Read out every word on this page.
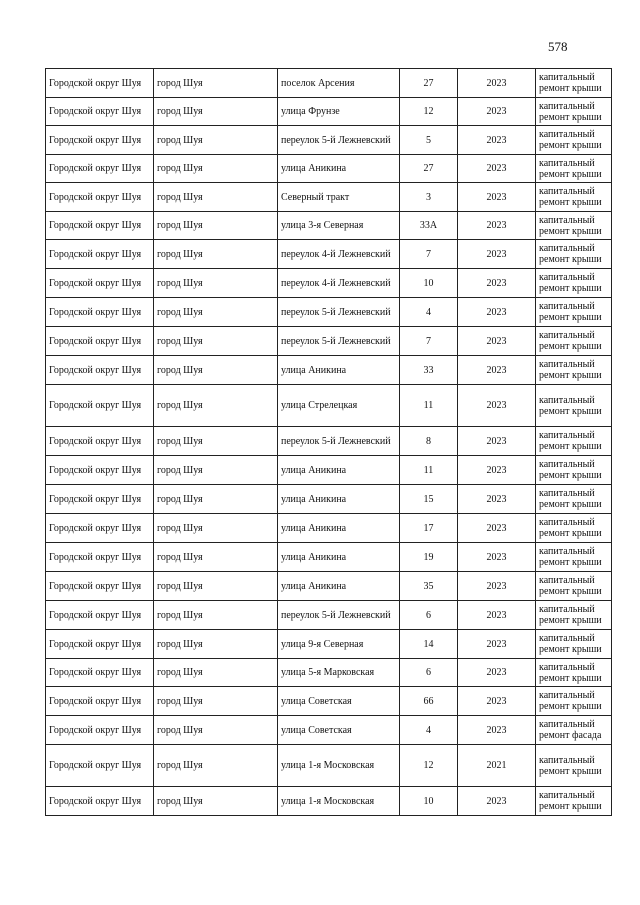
578
Городской округ Шуя	город Шуя	поселок Арсения	27	2023	капитальный ремонт крыши
Городской округ Шуя	город Шуя	улица Фрунзе	12	2023	капитальный ремонт крыши
Городской округ Шуя	город Шуя	переулок 5-й Лежневский	5	2023	капитальный ремонт крыши
Городской округ Шуя	город Шуя	улица Аникина	27	2023	капитальный ремонт крыши
Городской округ Шуя	город Шуя	Северный тракт	3	2023	капитальный ремонт крыши
Городской округ Шуя	город Шуя	улица 3-я Северная	33А	2023	капитальный ремонт крыши
Городской округ Шуя	город Шуя	переулок 4-й Лежневский	7	2023	капитальный ремонт крыши
Городской округ Шуя	город Шуя	переулок 4-й Лежневский	10	2023	капитальный ремонт крыши
Городской округ Шуя	город Шуя	переулок 5-й Лежневский	4	2023	капитальный ремонт крыши
Городской округ Шуя	город Шуя	переулок 5-й Лежневский	7	2023	капитальный ремонт крыши
Городской округ Шуя	город Шуя	улица Аникина	33	2023	капитальный ремонт крыши
Городской округ Шуя	город Шуя	улица Стрелецкая	11	2023	капитальный ремонт крыши
Городской округ Шуя	город Шуя	переулок 5-й Лежневский	8	2023	капитальный ремонт крыши
Городской округ Шуя	город Шуя	улица Аникина	11	2023	капитальный ремонт крыши
Городской округ Шуя	город Шуя	улица Аникина	15	2023	капитальный ремонт крыши
Городской округ Шуя	город Шуя	улица Аникина	17	2023	капитальный ремонт крыши
Городской округ Шуя	город Шуя	улица Аникина	19	2023	капитальный ремонт крыши
Городской округ Шуя	город Шуя	улица Аникина	35	2023	капитальный ремонт крыши
Городской округ Шуя	город Шуя	переулок 5-й Лежневский	6	2023	капитальный ремонт крыши
Городской округ Шуя	город Шуя	улица 9-я Северная	14	2023	капитальный ремонт крыши
Городской округ Шуя	город Шуя	улица 5-я Марковская	6	2023	капитальный ремонт крыши
Городской округ Шуя	город Шуя	улица Советская	66	2023	капитальный ремонт крыши
Городской округ Шуя	город Шуя	улица Советская	4	2023	капитальный ремонт фасада
Городской округ Шуя	город Шуя	улица 1-я Московская	12	2021	капитальный ремонт крыши
Городской округ Шуя	город Шуя	улица 1-я Московская	10	2023	капитальный ремонт крыши
